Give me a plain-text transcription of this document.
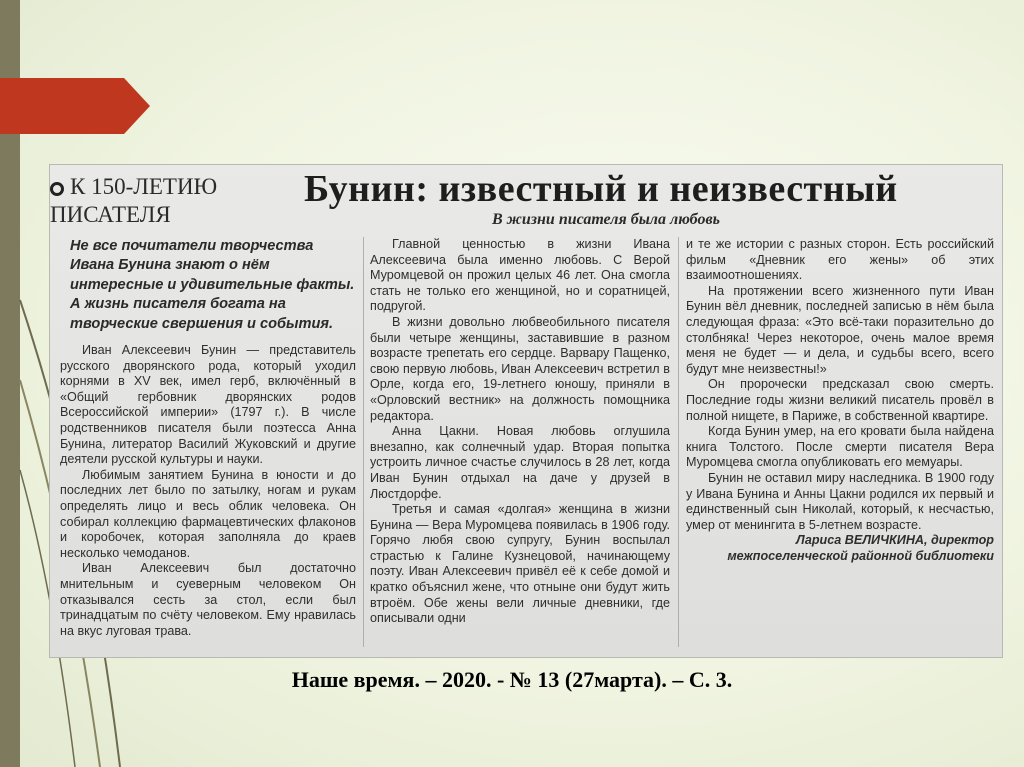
К 150-ЛЕТИЮ
ПИСАТЕЛЯ
Бунин: известный и неизвестный
В жизни писателя была любовь
Не все почитатели творчества Ивана Бунина знают о нём интересные и удивительные факты. А жизнь писателя богата на творческие свершения и события.

Иван Алексеевич Бунин — представитель русского дворянского рода, который уходил корнями в XV век, имел герб, включённый в «Общий гербовник дворянских родов Всероссийской империи» (1797 г.). В числе родственников писателя были поэтесса Анна Бунина, литератор Василий Жуковский и другие деятели русской культуры и науки.

Любимым занятием Бунина в юности и до последних лет было по затылку, ногам и рукам определять лицо и весь облик человека. Он собирал коллекцию фармацевтических флаконов и коробочек, которая заполняла до краев несколько чемоданов.

Иван Алексеевич был достаточно мнительным и суеверным человеком Он отказывался сесть за стол, если был тринадцатым по счёту человеком. Ему нравилась на вкус луговая трава.

Главной ценностью в жизни Ивана Алексеевича была именно любовь. С Верой Муромцевой он прожил целых 46 лет. Она смогла стать не только его женщиной, но и соратницей, подругой.

В жизни довольно любвеобильного писателя были четыре женщины, заставившие в разном возрасте трепетать его сердце. Варвару Пащенко, свою первую любовь, Иван Алексеевич встретил в Орле, когда его, 19-летнего юношу, приняли в «Орловский вестник» на должность помощника редактора.

Анна Цакни. Новая любовь оглушила внезапно, как солнечный удар. Вторая попытка устроить личное счастье случилось в 28 лет, когда Иван Бунин отдыхал на даче у друзей в Люстдорфе.

Третья и самая «долгая» женщина в жизни Бунина — Вера Муромцева появилась в 1906 году. Горячо любя свою супругу, Бунин воспылал страстью к Галине Кузнецовой, начинающему поэту. Иван Алексеевич привёл её к себе домой и кратко объяснил жене, что отныне они будут жить втроём. Обе жены вели личные дневники, где описывали одни

и те же истории с разных сторон. Есть российский фильм «Дневник его жены» об этих взаимоотношениях.

На протяжении всего жизненного пути Иван Бунин вёл дневник, последней записью в нём была следующая фраза: «Это всё-таки поразительно до столбняка! Через некоторое, очень малое время меня не будет — и дела, и судьбы всего, всего будут мне неизвестны!»

Он пророчески предсказал свою смерть. Последние годы жизни великий писатель провёл в полной нищете, в Париже, в собственной квартире.

Когда Бунин умер, на его кровати была найдена книга Толстого. После смерти писателя Вера Муромцева смогла опубликовать его мемуары.

Бунин не оставил миру наследника. В 1900 году у Ивана Бунина и Анны Цакни родился их первый и единственный сын Николай, который, к несчастью, умер от менингита в 5-летнем возрасте.

Лариса ВЕЛИЧКИНА, директор межпоселенческой районной библиотеки

Наше время. – 2020. - № 13 (27марта). – С. 3.
